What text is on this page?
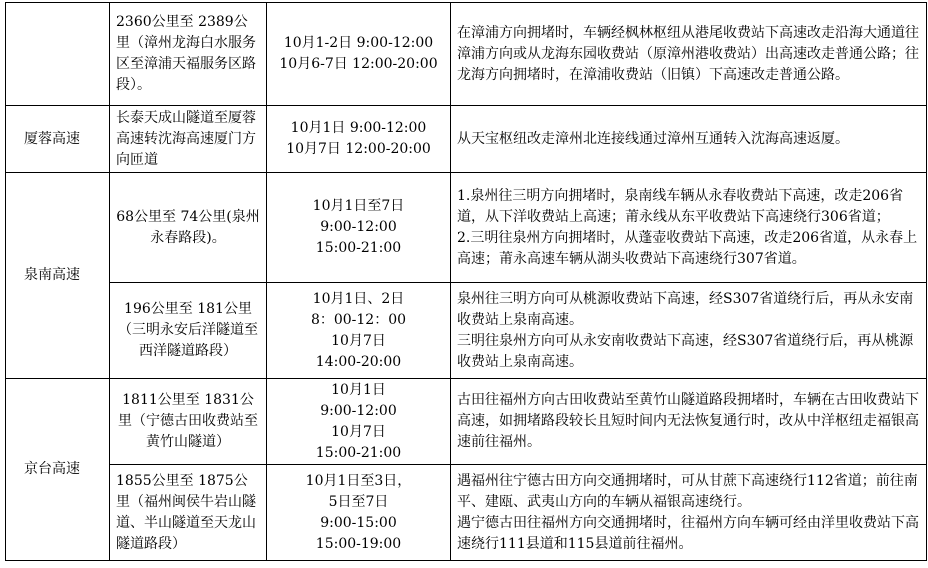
	2360公里至 2389公里（漳州龙海白水服务区至漳浦天福服务区路段）。	10月1-2日 9:00-12:00
10月6-7日 12:00-20:00	在漳浦方向拥堵时，车辆经枫林枢纽从港尾收费站下高速改走沿海大通道往漳浦方向或从龙海东园收费站（原漳州港收费站）出高速改走普通公路；往龙海方向拥堵时，在漳浦收费站（旧镇）下高速改走普通公路。

厦蓉高速	长泰天成山隧道至厦蓉高速转沈海高速厦门方向匝道	10月1日 9:00-12:00
10月7日 12:00-20:00	从天宝枢纽改走漳州北连接线通过漳州互通转入沈海高速返厦。

泉南高速	68公里至 74公里(泉州永春路段)。	10月1日至7日
9:00-12:00
15:00-21:00	1.泉州往三明方向拥堵时，泉南线车辆从永春收费站下高速，改走206省道，从下洋收费站上高速；莆永线从东平收费站下高速绕行306省道；
2.三明往泉州方向拥堵时，从蓬壶收费站下高速，改走206省道，从永春上高速；莆永高速车辆从湖头收费站下高速绕行307省道。

	196公里至 181公里（三明永安后洋隧道至西洋隧道路段）	10月1日、2日
8：00-12：00
10月7日
14:00-20:00	泉州往三明方向可从桃源收费站下高速，经S307省道绕行后，再从永安南收费站上泉南高速。
三明往泉州方向可从永安南收费站下高速，经S307省道绕行后，再从桃源收费站上泉南高速。

京台高速	1811公里至 1831公里（宁德古田收费站至黄竹山隧道）	10月1日
9:00-12:00
10月7日
15:00-21:00	古田往福州方向古田收费站至黄竹山隧道路段拥堵时，车辆在古田收费站下高速，如拥堵路段较长且短时间内无法恢复通行时，改从中洋枢纽走福银高速前往福州。

	1855公里至 1875公里（福州闽侯牛岩山隧道、半山隧道至天龙山隧道路段）	10月1日至3日，
5日至7日
9:00-15:00
15:00-19:00	遇福州往宁德古田方向交通拥堵时，可从甘蔗下高速绕行112省道；前往南平、建瓯、武夷山方向的车辆从福银高速绕行。
遇宁德古田往福州方向交通拥堵时，往福州方向车辆可经由洋里收费站下高速绕行111县道和115县道前往福州。
